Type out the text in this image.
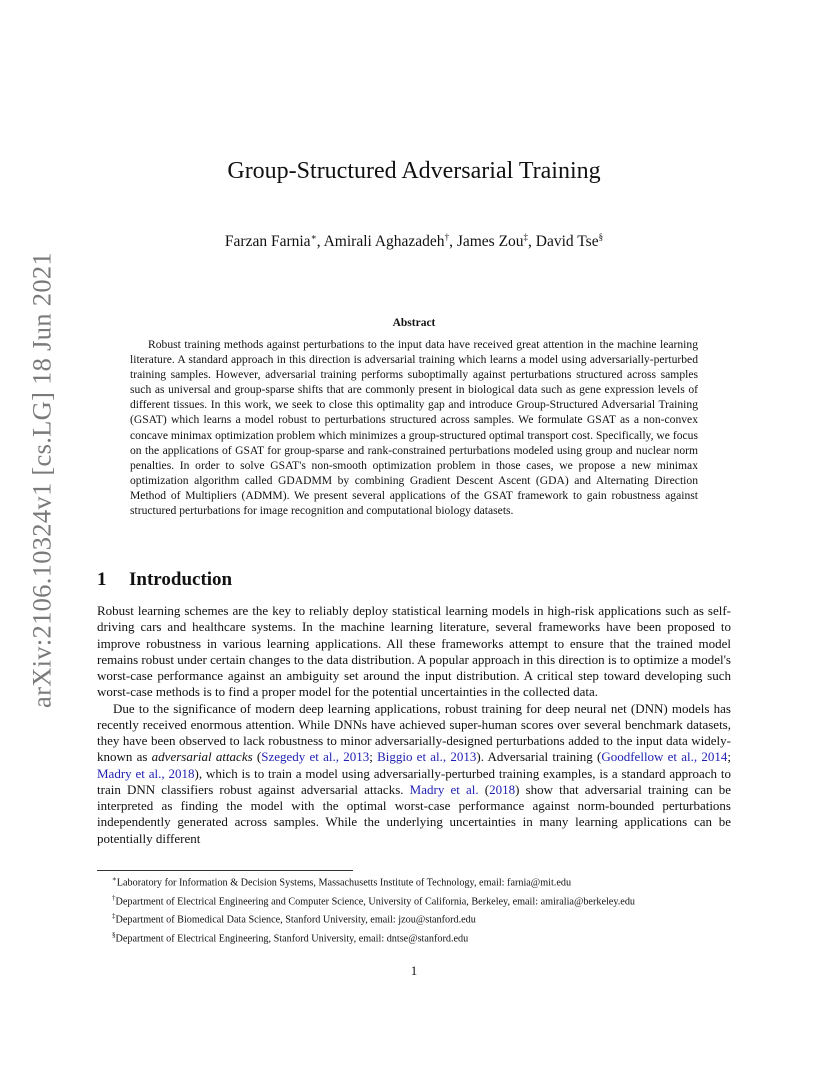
arXiv:2106.10324v1 [cs.LG] 18 Jun 2021
Group-Structured Adversarial Training
Farzan Farnia∗, Amirali Aghazadeh†, James Zou‡, David Tse§
Abstract

Robust training methods against perturbations to the input data have received great attention in the machine learning literature. A standard approach in this direction is adversarial training which learns a model using adversarially-perturbed training samples. However, adversarial training performs suboptimally against perturbations structured across samples such as universal and group-sparse shifts that are commonly present in biological data such as gene expression levels of different tissues. In this work, we seek to close this optimality gap and introduce Group-Structured Adversarial Training (GSAT) which learns a model robust to perturbations structured across samples. We formulate GSAT as a non-convex concave minimax optimization problem which minimizes a group-structured optimal transport cost. Specifically, we focus on the applications of GSAT for group-sparse and rank-constrained perturbations modeled using group and nuclear norm penalties. In order to solve GSAT's non-smooth optimization problem in those cases, we propose a new minimax optimization algorithm called GDADMM by combining Gradient Descent Ascent (GDA) and Alternating Direction Method of Multipliers (ADMM). We present several applications of the GSAT framework to gain robustness against structured perturbations for image recognition and computational biology datasets.

1 Introduction

Robust learning schemes are the key to reliably deploy statistical learning models in high-risk applications such as self-driving cars and healthcare systems. In the machine learning literature, several frameworks have been proposed to improve robustness in various learning applications. All these frameworks attempt to ensure that the trained model remains robust under certain changes to the data distribution. A popular approach in this direction is to optimize a model's worst-case performance against an ambiguity set around the input distribution. A critical step toward developing such worst-case methods is to find a proper model for the potential uncertainties in the collected data.

Due to the significance of modern deep learning applications, robust training for deep neural net (DNN) models has recently received enormous attention. While DNNs have achieved super-human scores over several benchmark datasets, they have been observed to lack robustness to minor adversarially-designed perturbations added to the input data widely-known as adversarial attacks (Szegedy et al., 2013; Biggio et al., 2013). Adversarial training (Goodfellow et al., 2014; Madry et al., 2018), which is to train a model using adversarially-perturbed training examples, is a standard approach to train DNN classifiers robust against adversarial attacks. Madry et al. (2018) show that adversarial training can be interpreted as finding the model with the optimal worst-case performance against norm-bounded perturbations independently generated across samples. While the underlying uncertainties in many learning applications can be potentially different

∗Laboratory for Information & Decision Systems, Massachusetts Institute of Technology, email: farnia@mit.edu
†Department of Electrical Engineering and Computer Science, University of California, Berkeley, email: amiralia@berkeley.edu
‡Department of Biomedical Data Science, Stanford University, email: jzou@stanford.edu
§Department of Electrical Engineering, Stanford University, email: dntse@stanford.edu
1
